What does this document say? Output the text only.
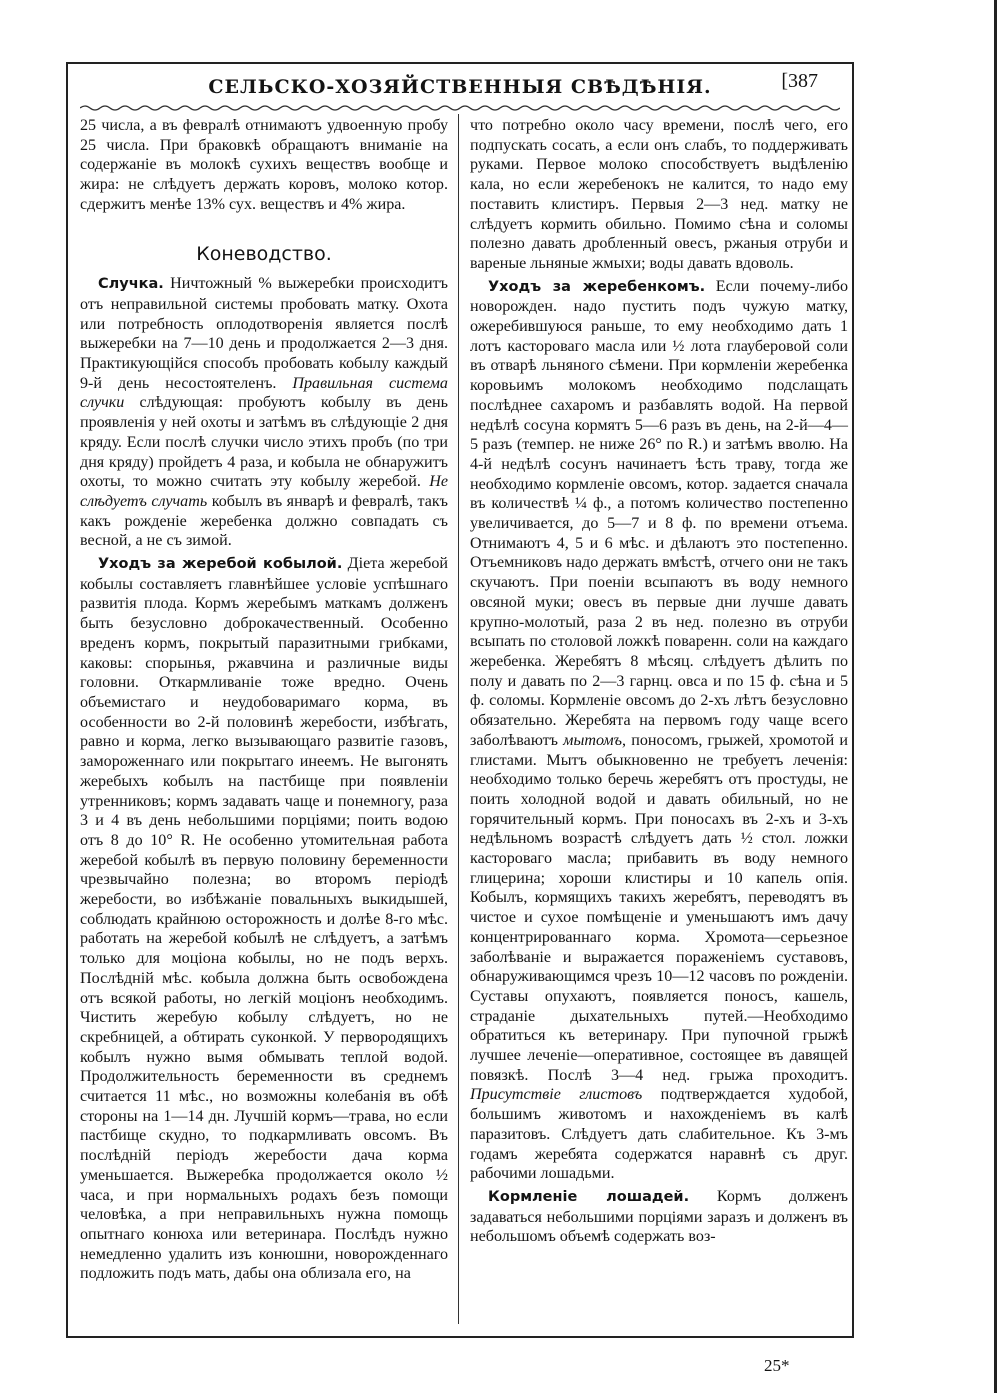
СЕЛЬСКО-ХОЗЯЙСТВЕННЫЯ СВѢДѢНІЯ.	[387

25 числа, а въ февралѣ отнимаютъ удвоенную пробу 25 числа. При браковкѣ обращаютъ вниманіе на содержаніе въ молокѣ сухихъ веществъ вообще и жира: не слѣдуетъ держать коровъ, молоко котор. сдержитъ менѣе 13% сух. веществъ и 4% жира.

Коневодство.

Случка. Ничтожный % выжеребки происходитъ отъ неправильной системы пробовать матку. Охота или потребность оплодотворенія является послѣ выжеребки на 7—10 день и продолжается 2—3 дня. Практикующійся способъ пробовать кобылу каждый 9-й день несостоятеленъ. Правильная система случки слѣдующая: пробуютъ кобылу въ день проявленія у ней охоты и затѣмъ въ слѣдующіе 2 дня кряду. Если послѣ случки число этихъ пробъ (по три дня кряду) пройдетъ 4 раза, и кобыла не обнаружитъ охоты, то можно считать эту кобылу жеребой. Не слѣдуетъ случать кобылъ въ январѣ и февралѣ, такъ какъ рожденіе жеребенка должно совпадать съ весной, а не съ зимой.

Уходъ за жеребой кобылой. Діета жеребой кобылы составляетъ главнѣйшее условіе успѣшнаго развитія плода. Кормъ жеребымъ маткамъ долженъ быть безусловно доброкачественный. Особенно вреденъ кормъ, покрытый паразитными грибками, каковы: спорынья, ржавчина и различные виды головни. Откармливаніе тоже вредно. Очень объемистаго и неудобоваримаго корма, въ особенности во 2-й половинѣ жеребости, избѣгать, равно и корма, легко вызывающаго развитіе газовъ, замороженнаго или покрытаго инеемъ. Не выгонять жеребыхъ кобылъ на пастбище при появленіи утренниковъ; кормъ задавать чаще и понемногу, раза 3 и 4 въ день небольшими порціями; поить водою отъ 8 до 10° R. Не особенно утомительная работа жеребой кобылѣ въ первую половину беременности чрезвычайно полезна; во второмъ періодѣ жеребости, во избѣжаніе повальныхъ выкидышей, соблюдать крайнюю осторожность и долѣе 8-го мѣс. работать на жеребой кобылѣ не слѣдуетъ, а затѣмъ только для моціона кобылы, но не подъ верхъ. Послѣдній мѣс. кобыла должна быть освобождена отъ всякой работы, но легкій моціонъ необходимъ. Чистить жеребую кобылу слѣдуетъ, но не скребницей, а обтирать суконкой. У первородящихъ кобылъ нужно вымя обмывать теплой водой. Продолжительность беременности въ среднемъ считается 11 мѣс., но возможны колебанія въ обѣ стороны на 1—14 дн. Лучшій кормъ—трава, но если пастбище скудно, то подкармливать овсомъ. Въ послѣдній періодъ жеребости дача корма уменьшается. Выжеребка продолжается около ½ часа, и при нормальныхъ родахъ безъ помощи человѣка, а при неправильныхъ нужна помощь опытнаго конюха или ветеринара. Послѣдъ нужно немедленно удалить изъ конюшни, новорожденнаго подложить подъ мать, дабы она облизала его, на

что потребно около часу времени, послѣ чего, его подпускать сосать, а если онъ слабъ, то поддерживать руками. Первое молоко способствуетъ выдѣленію кала, но если жеребенокъ не калится, то надо ему поставить клистиръ. Первыя 2—3 нед. матку не слѣдуетъ кормить обильно. Помимо сѣна и соломы полезно давать дробленный овесъ, ржаныя отруби и вареные льняные жмыхи; воды давать вдоволь.

Уходъ за жеребенкомъ. Если почему-либо новорожден. надо пустить подъ чужую матку, ожеребившуюся раньше, то ему необходимо дать 1 лотъ касторовагo масла или ½ лота глауберовой соли въ отварѣ льняного сѣмени. При кормленіи жеребенка коровьимъ молокомъ необходимо подслащать послѣднее сахаромъ и разбавлять водой. На первой недѣлѣ сосуна кормятъ 5—6 разъ въ день, на 2-й—4—5 разъ (темпер. не ниже 26° по R.) и затѣмъ вволю. На 4-й недѣлѣ сосунъ начинаетъ ѣсть траву, тогда же необходимо кормленіе овсомъ, котор. задается сначала въ количествѣ ¼ ф., а потомъ количество постепенно увеличивается, до 5—7 и 8 ф. по времени отъема. Отнимаютъ 4, 5 и 6 мѣс. и дѣлаютъ это постепенно. Отъемниковъ надо держать вмѣстѣ, отчего они не такъ скучаютъ. При поеніи всыпаютъ въ воду немного овсяной муки; овесъ въ первые дни лучше давать крупно-молотый, раза 2 въ нед. полезно въ отруби всыпать по столовой ложкѣ поваренн. соли на каждаго жеребенка. Жеребятъ 8 мѣсяц. слѣдуетъ дѣлить по полу и давать по 2—3 гарнц. овса и по 15 ф. сѣна и 5 ф. соломы. Кормленіе овсомъ до 2-хъ лѣтъ безусловно обязательно. Жеребята на первомъ году чаще всего заболѣваютъ мытомъ, поносомъ, грыжей, хромотой и глистами. Мытъ обыкновенно не требуетъ леченія: необходимо только беречь жеребятъ отъ простуды, не поить холодной водой и давать обильный, но не горячительный кормъ. При поносахъ въ 2-хъ и 3-хъ недѣльномъ возрастѣ слѣдуетъ дать ½ стол. ложки касторовагo масла; прибавить въ воду немного глицерина; хороши клистиры и 10 капель опія. Кобылъ, кормящихъ такихъ жеребятъ, переводятъ въ чистое и сухое помѣщеніе и уменьшаютъ имъ дачу концентрированнаго корма. Хромота—серьезное заболѣваніе и выражается пораженіемъ суставовъ, обнаруживающимся чрезъ 10—12 часовъ по рожденіи. Суставы опухаютъ, появляется поносъ, кашель, страданіе дыхательныхъ путей.—Необходимо обратиться къ ветеринару. При пупочной грыжѣ лучшее леченіе—оперативное, состоящее въ давящей повязкѣ. Послѣ 3—4 нед. грыжа проходитъ. Присутствіе глистовъ подтверждается худобой, большимъ животомъ и нахожденіемъ въ калѣ паразитовъ. Слѣдуетъ дать слабительное. Къ 3-мъ годамъ жеребята содержатся наравнѣ съ друг. рабочими лошадьми.

Кормленіе лошадей. Кормъ долженъ задаваться небольшими порціями заразъ и долженъ въ небольшомъ объемѣ содержать воз-

25*
